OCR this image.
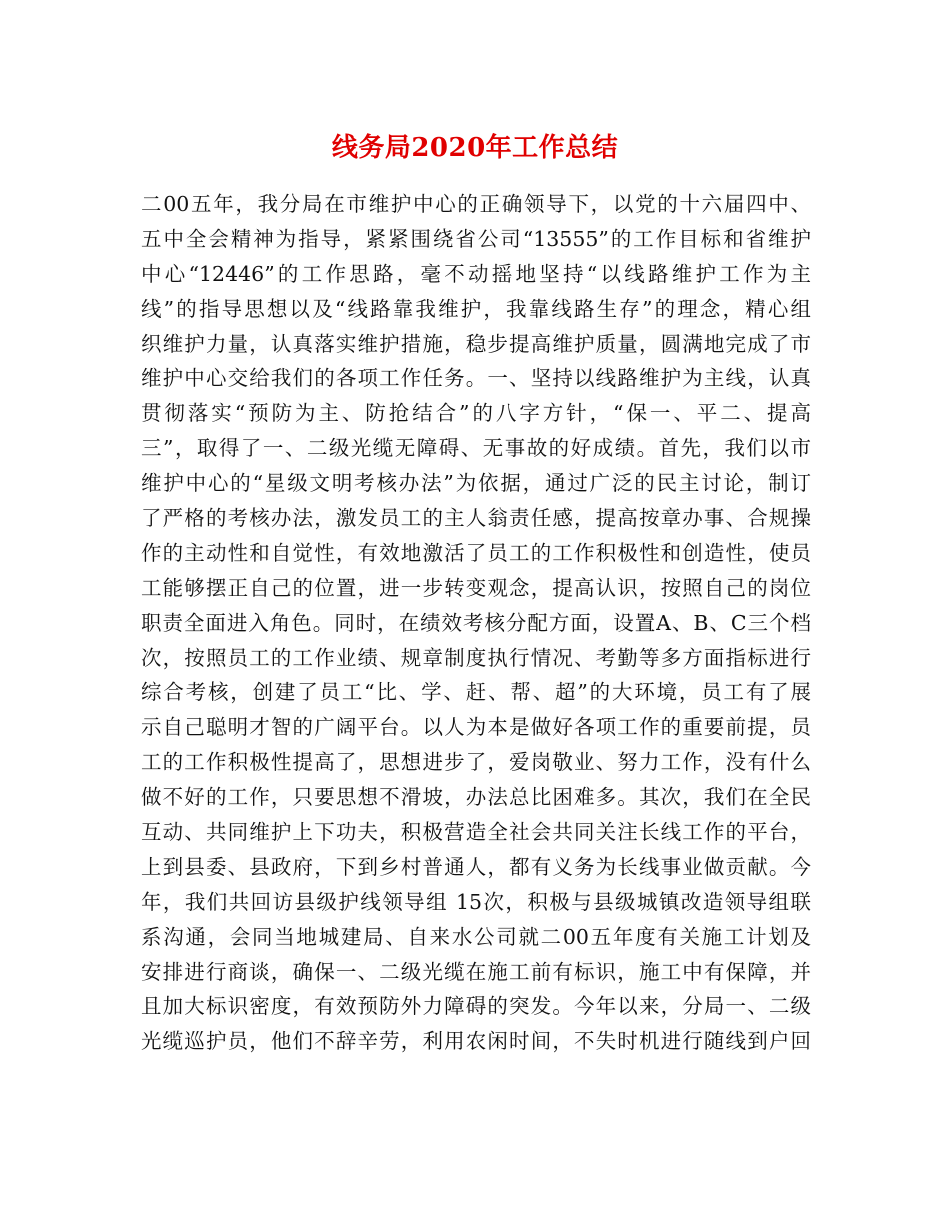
线务局2020年工作总结
二00五年，我分局在市维护中心的正确领导下，以党的十六届四中、
五中全会精神为指导，紧紧围绕省公司“13555”的工作目标和省维护
中心“12446”的工作思路，毫不动摇地坚持“以线路维护工作为主
线”的指导思想以及“线路靠我维护，我靠线路生存”的理念，精心组
织维护力量，认真落实维护措施，稳步提高维护质量，圆满地完成了市
维护中心交给我们的各项工作任务。一、坚持以线路维护为主线，认真
贯彻落实“预防为主、防抢结合”的八字方针，“保一、平二、提高
三”，取得了一、二级光缆无障碍、无事故的好成绩。首先，我们以市
维护中心的“星级文明考核办法”为依据，通过广泛的民主讨论，制订
了严格的考核办法，激发员工的主人翁责任感，提高按章办事、合规操
作的主动性和自觉性，有效地激活了员工的工作积极性和创造性，使员
工能够摆正自己的位置，进一步转变观念，提高认识，按照自己的岗位
职责全面进入角色。同时，在绩效考核分配方面，设置A、B、C三个档
次，按照员工的工作业绩、规章制度执行情况、考勤等多方面指标进行
综合考核，创建了员工“比、学、赶、帮、超”的大环境，员工有了展
示自己聪明才智的广阔平台。以人为本是做好各项工作的重要前提，员
工的工作积极性提高了，思想进步了，爱岗敬业、努力工作，没有什么
做不好的工作，只要思想不滑坡，办法总比困难多。其次，我们在全民
互动、共同维护上下功夫，积极营造全社会共同关注长线工作的平台，
上到县委、县政府，下到乡村普通人，都有义务为长线事业做贡献。今
年，我们共回访县级护线领导组 15次，积极与县级城镇改造领导组联
系沟通，会同当地城建局、自来水公司就二00五年度有关施工计划及
安排进行商谈，确保一、二级光缆在施工前有标识，施工中有保障，并
且加大标识密度，有效预防外力障碍的突发。今年以来，分局一、二级
光缆巡护员，他们不辞辛劳，利用农闲时间，不失时机进行随线到户回
